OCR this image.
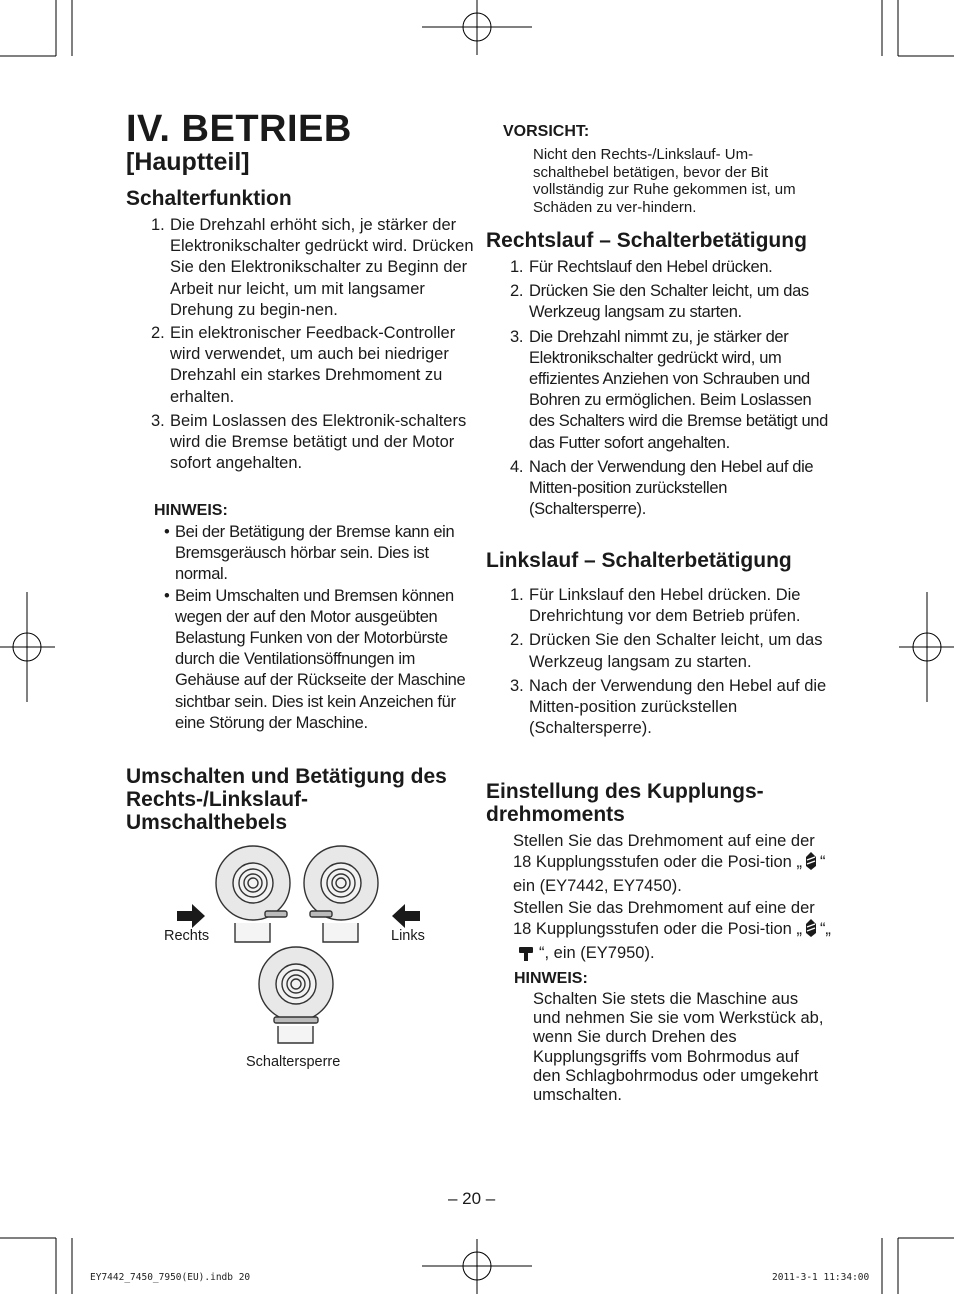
IV. BETRIEB
[Hauptteil]
Schalterfunktion
1. Die Drehzahl erhöht sich, je stärker der Elektronikschalter gedrückt wird. Drücken Sie den Elektronikschalter zu Beginn der Arbeit nur leicht, um mit langsamer Drehung zu begin-nen.
2. Ein elektronischer Feedback-Controller wird verwendet, um auch bei niedriger Drehzahl ein starkes Drehmoment zu erhalten.
3. Beim Loslassen des Elektronik-schalters wird die Bremse betätigt und der Motor sofort angehalten.
HINWEIS:
• Bei der Betätigung der Bremse kann ein Bremsgeräusch hörbar sein. Dies ist normal.
• Beim Umschalten und Bremsen können wegen der auf den Motor ausgeübten Belastung Funken von der Motorbürste durch die Ventilationsöffnungen im Gehäuse auf der Rückseite der Maschine sichtbar sein. Dies ist kein Anzeichen für eine Störung der Maschine.
Umschalten und Betätigung des Rechts-/Linkslauf-Umschalthebels
Rechts	Links
Schaltersperre
VORSICHT:
Nicht den Rechts-/Linkslauf- Um-schalthebel betätigen, bevor der Bit vollständig zur Ruhe gekommen ist, um Schäden zu ver-hindern.
Rechtslauf – Schalterbetätigung
1. Für Rechtslauf den Hebel drücken.
2. Drücken Sie den Schalter leicht, um das Werkzeug langsam zu starten.
3. Die Drehzahl nimmt zu, je stärker der Elektronikschalter gedrückt wird, um effizientes Anziehen von Schrauben und Bohren zu ermöglichen. Beim Loslassen des Schalters wird die Bremse betätigt und das Futter sofort angehalten.
4. Nach der Verwendung den Hebel auf die Mitten-position zurückstellen (Schaltersperre).
Linkslauf – Schalterbetätigung
1. Für Linkslauf den Hebel drücken. Die Drehrichtung vor dem Betrieb prüfen.
2. Drücken Sie den Schalter leicht, um das Werkzeug langsam zu starten.
3. Nach der Verwendung den Hebel auf die Mitten-position zurückstellen (Schaltersperre).
Einstellung des Kupplungs-drehmoments
Stellen Sie das Drehmoment auf eine der 18 Kupplungsstufen oder die Posi-tion „ “ ein (EY7442, EY7450).
Stellen Sie das Drehmoment auf eine der 18 Kupplungsstufen oder die Posi-tion „ “„“, ein (EY7950).
HINWEIS:
Schalten Sie stets die Maschine aus und nehmen Sie sie vom Werkstück ab, wenn Sie durch Drehen des Kupplungsgriffs vom Bohrmodus auf den Schlagbohrmodus oder umgekehrt umschalten.
– 20 –
EY7442_7450_7950(EU).indb 20	2011-3-1 11:34:00
